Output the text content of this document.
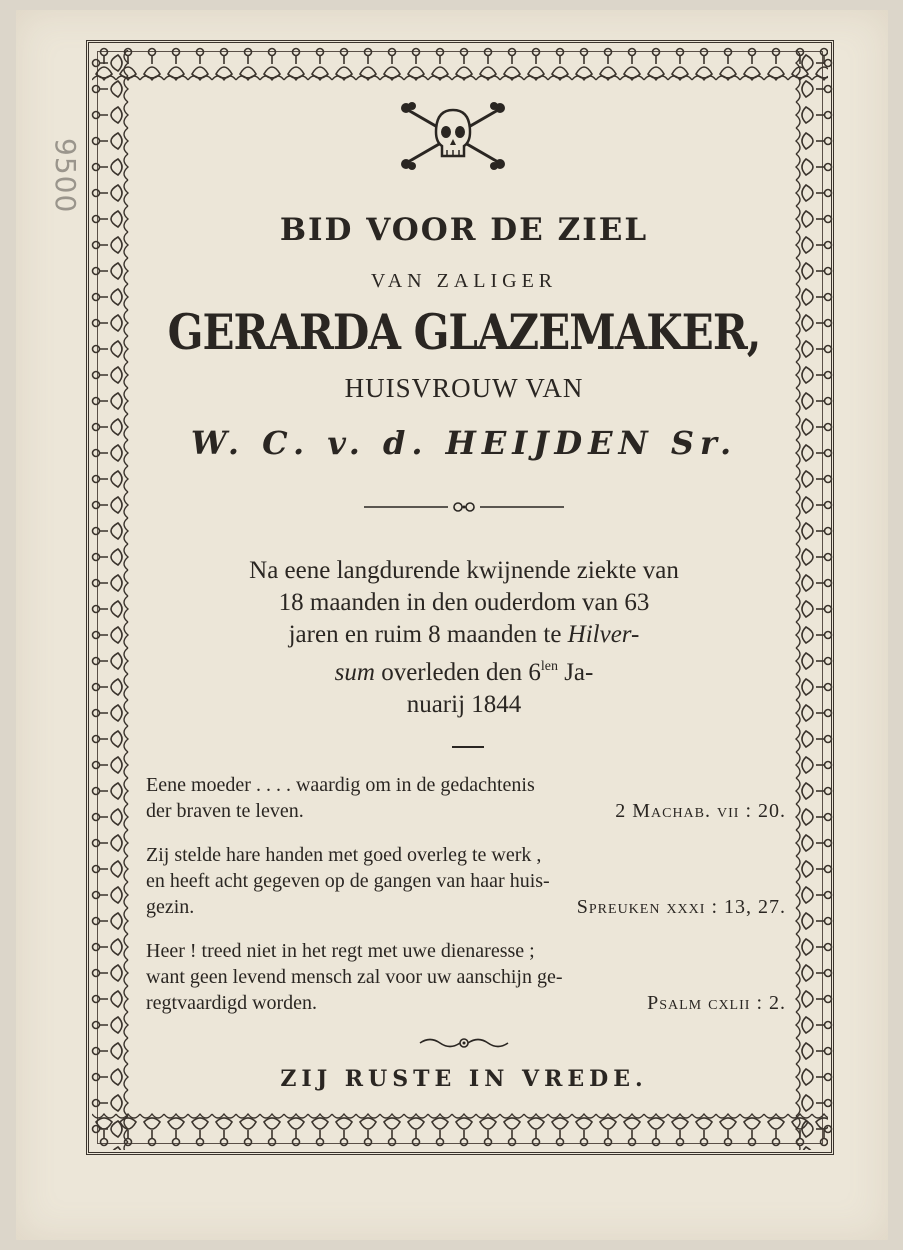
9500
BID VOOR DE ZIEL
VAN ZALIGER
GERARDA GLAZEMAKER,
HUISVROUW VAN
W. C. v. d. HEIJDEN Sr.
Na eene langdurende kwijnende ziekte van
18 maanden in den ouderdom van 63
jaren en ruim 8 maanden te Hilver-
sum overleden den $6^{len}$ Ja-
nuarij 1844
Eene moeder . . . . waardig om in de gedachtenis
der braven te leven.	2 Machab. vii : 20.
Zij stelde hare handen met goed overleg te werk ,
en heeft acht gegeven op de gangen van haar huis-
gezin.	Spreuken xxxi : 13, 27.
Heer ! treed niet in het regt met uwe dienaresse ;
want geen levend mensch zal voor uw aanschijn ge-
regtvaardigd worden.	Psalm cxlii : 2.
ZIJ RUSTE IN VREDE.
